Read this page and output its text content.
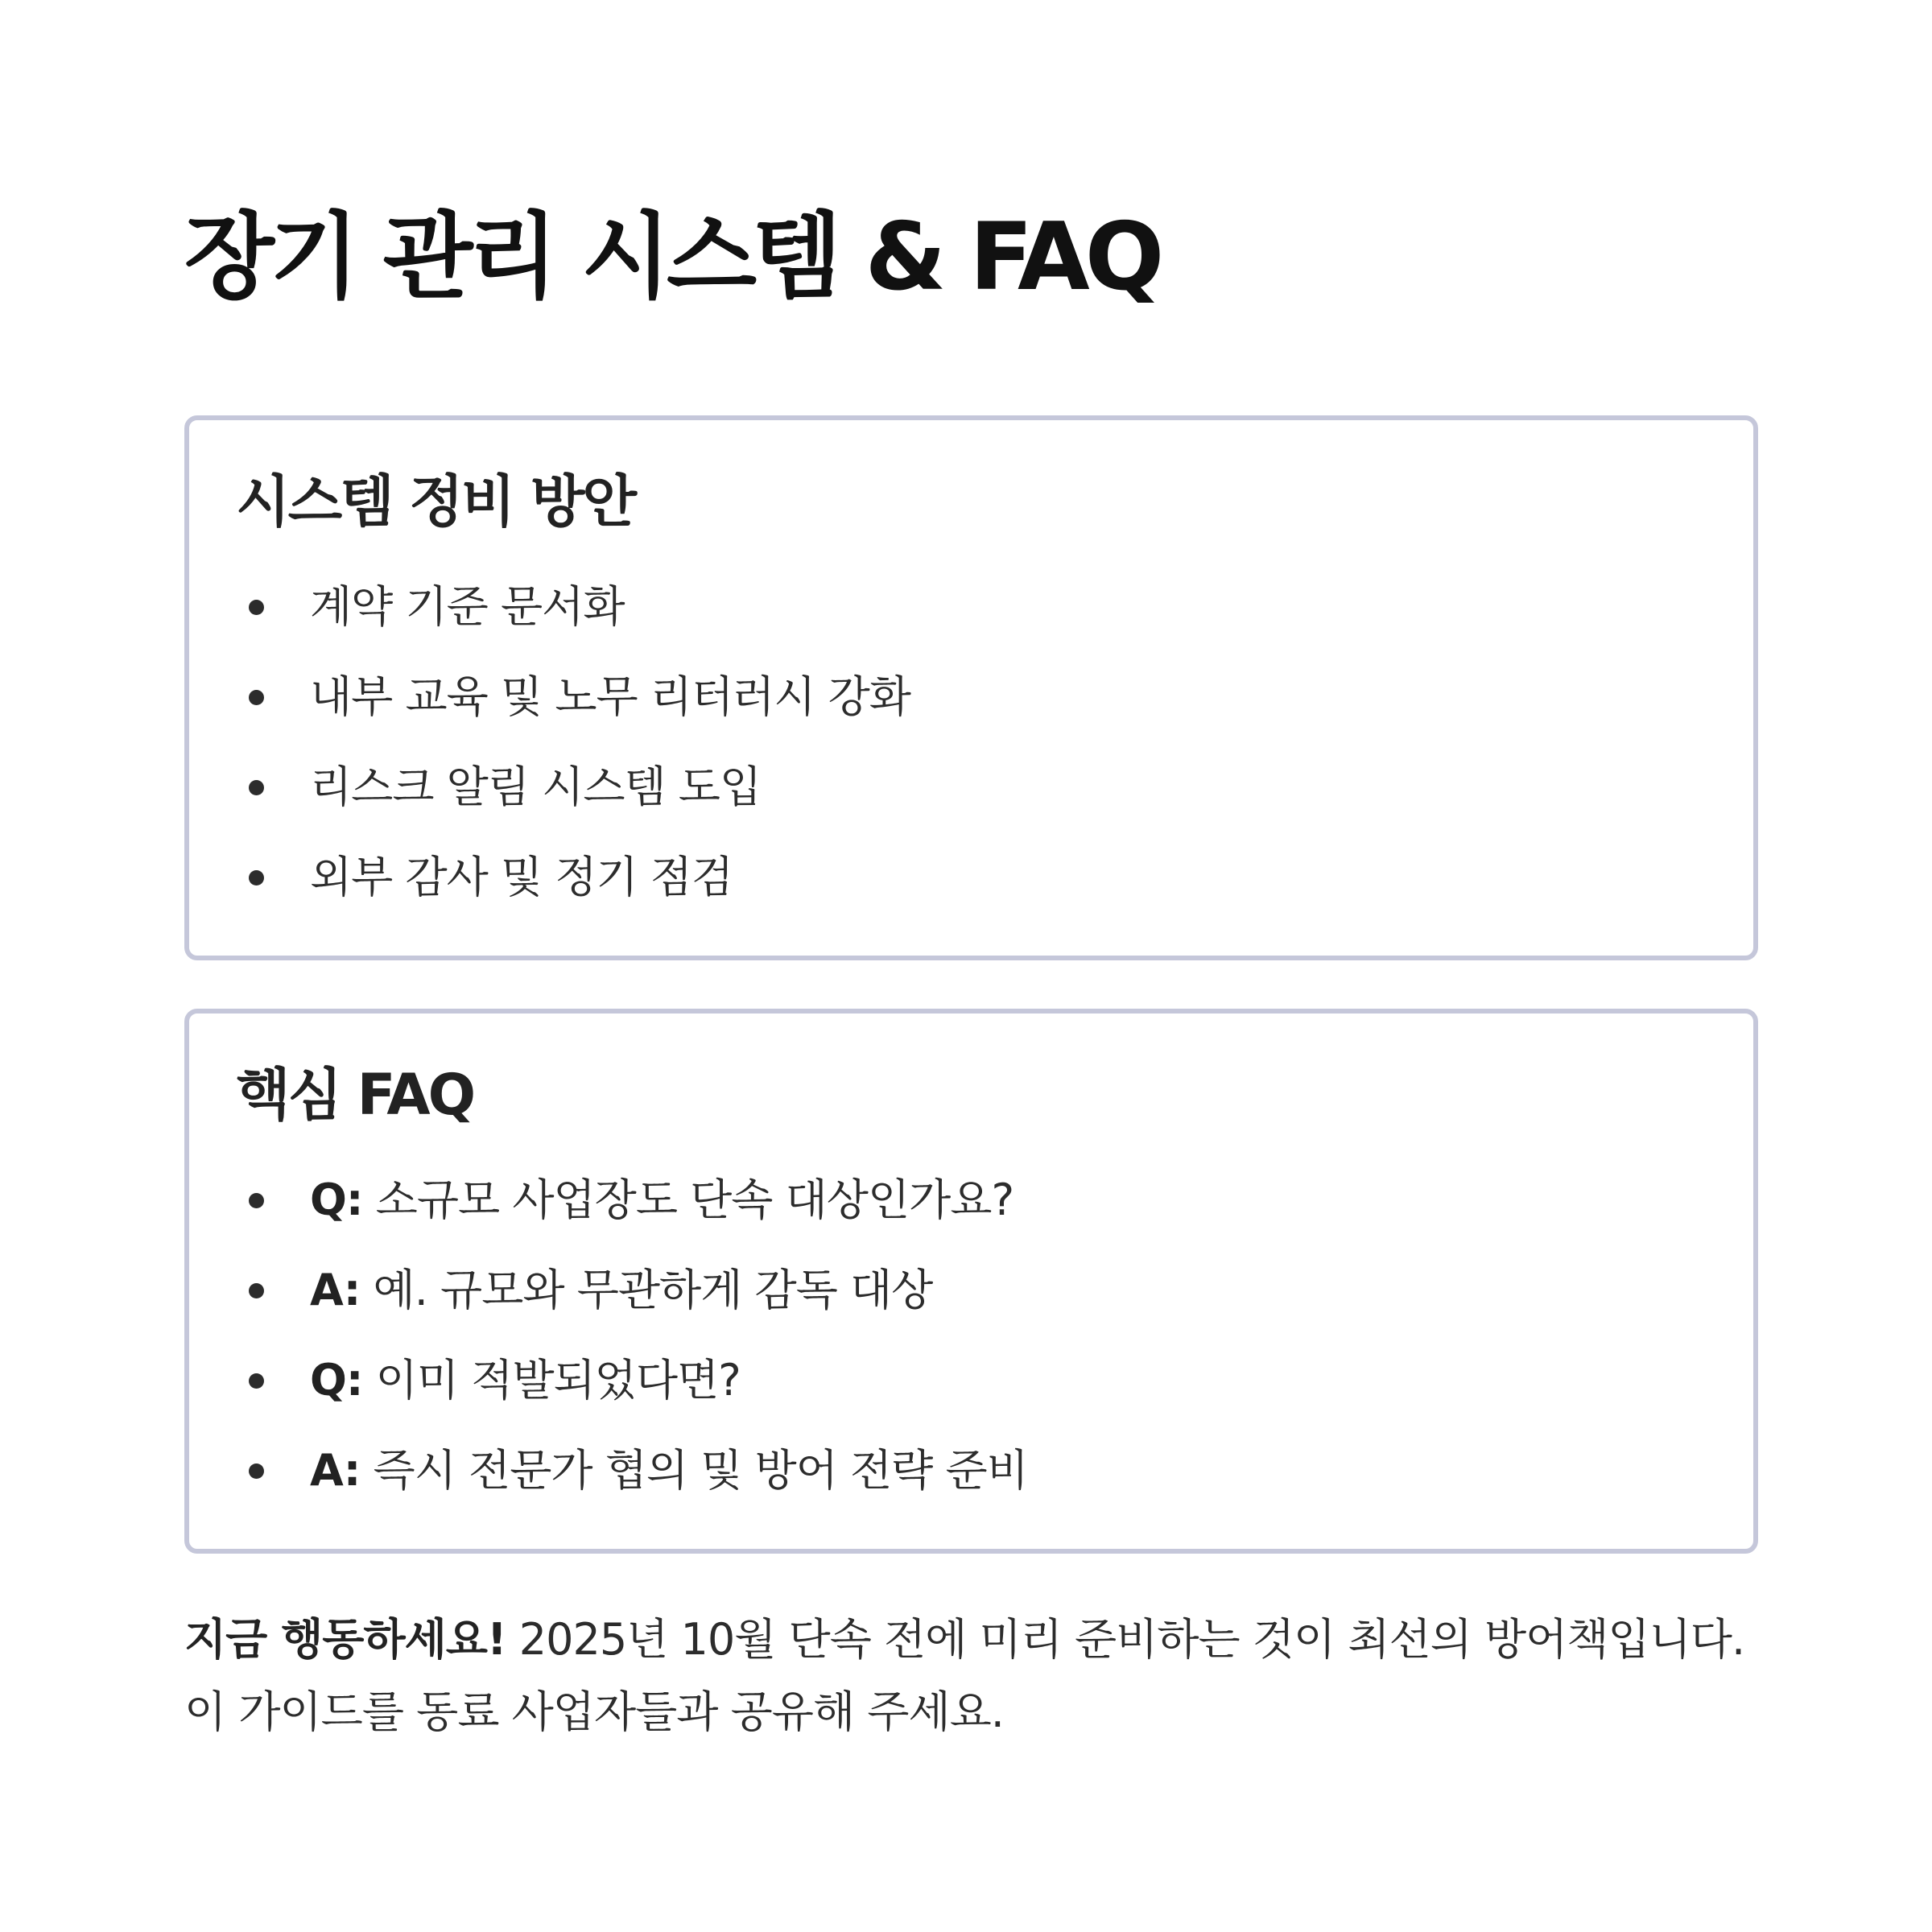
장기 관리 시스템 & FAQ
시스템 정비 방안
계약 기준 문서화
내부 교육 및 노무 리터러시 강화
리스크 알림 시스템 도입
외부 감사 및 정기 점검
핵심 FAQ
Q: 소규모 사업장도 단속 대상인가요?
A: 예. 규모와 무관하게 감독 대상
Q: 이미 적발되었다면?
A: 즉시 전문가 협의 및 방어 전략 준비

지금 행동하세요! 2025년 10월 단속 전에 미리 준비하는 것이 최선의 방어책입니다.

이 가이드를 동료 사업자들과 공유해 주세요.
